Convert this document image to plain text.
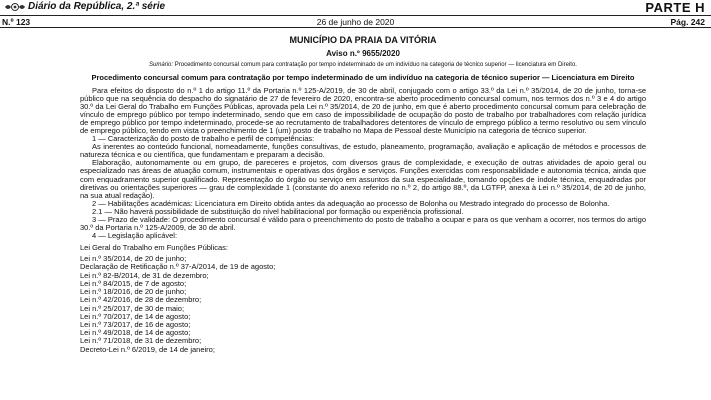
Diário da República, 2.ª série	PARTE H
N.º 123	26 de junho de 2020	Pág. 242
MUNICÍPIO DA PRAIA DA VITÓRIA
Aviso n.º 9655/2020
Sumário: Procedimento concursal comum para contratação por tempo indeterminado de um indivíduo na categoria de técnico superior — licenciatura em Direito.
Procedimento concursal comum para contratação por tempo indeterminado de um indivíduo na categoria de técnico superior — Licenciatura em Direito

Para efeitos do disposto do n.º 1 do artigo 11.º da Portaria n.º 125-A/2019, de 30 de abril, conjugado com o artigo 33.º da Lei n.º 35/2014, de 20 de junho, torna-se público que na sequência do despacho do signatário de 27 de fevereiro de 2020, encontra-se aberto procedimento concursal comum, nos termos dos n.º 3 e 4 do artigo 30.º da Lei Geral do Trabalho em Funções Públicas, aprovada pela Lei n.º 35/2014, de 20 de junho, em que é aberto procedimento concursal comum para celebração de vínculo de emprego público por tempo indeterminado, sendo que em caso de impossibilidade de ocupação do posto de trabalho por trabalhadores com relação jurídica de emprego público por tempo indeterminado, procede-se ao recrutamento de trabalhadores detentores de vínculo de emprego público a termo resolutivo ou sem vínculo de emprego público, tendo em vista o preenchimento de 1 (um) posto de trabalho no Mapa de Pessoal deste Município na categoria de técnico superior.

1 — Caracterização do posto de trabalho e perfil de competências:

As inerentes ao conteúdo funcional, nomeadamente, funções consultivas, de estudo, planeamento, programação, avaliação e aplicação de métodos e processos de natureza técnica e ou científica, que fundamentam e preparam a decisão.

Elaboração, autonomamente ou em grupo, de pareceres e projetos, com diversos graus de complexidade, e execução de outras atividades de apoio geral ou especializado nas áreas de atuação comum, instrumentais e operativas dos órgãos e serviços. Funções exercidas com responsabilidade e autonomia técnica, ainda que com enquadramento superior qualificado. Representação do órgão ou serviço em assuntos da sua especialidade, tomando opções de índole técnica, enquadradas por diretivas ou orientações superiores — grau de complexidade 1 (constante do anexo referido no n.º 2, do artigo 88.º, da LGTFP, anexa à Lei n.º 35/2014, de 20 de junho, na sua atual redação).

2 — Habilitações académicas: Licenciatura em Direito obtida antes da adequação ao processo de Bolonha ou Mestrado integrado do processo de Bolonha.

2.1 — Não haverá possibilidade de substituição do nível habilitacional por formação ou experiência profissional.

3 — Prazo de validade: O procedimento concursal é válido para o preenchimento do posto de trabalho a ocupar e para os que venham a ocorrer, nos termos do artigo 30.º da Portaria n.º 125-A/2009, de 30 de abril.

4 — Legislação aplicável:

Lei Geral do Trabalho em Funções Públicas:
Lei n.º 35/2014, de 20 de junho;
Declaração de Retificação n.º 37-A/2014, de 19 de agosto;
Lei n.º 82-B/2014, de 31 de dezembro;
Lei n.º 84/2015, de 7 de agosto;
Lei n.º 18/2016, de 20 de junho;
Lei n.º 42/2016, de 28 de dezembro;
Lei n.º 25/2017, de 30 de maio;
Lei n.º 70/2017, de 14 de agosto;
Lei n.º 73/2017, de 16 de agosto;
Lei n.º 49/2018, de 14 de agosto;
Lei n.º 71/2018, de 31 de dezembro;
Decreto-Lei n.º 6/2019, de 14 de janeiro;
